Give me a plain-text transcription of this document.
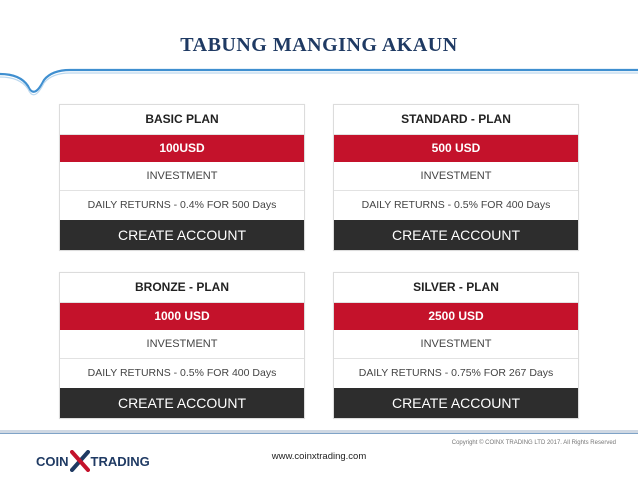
TABUNG MANGING AKAUN
BASIC PLAN
100USD
INVESTMENT
DAILY RETURNS - 0.4% FOR 500 Days
CREATE ACCOUNT
STANDARD - PLAN
500 USD
INVESTMENT
DAILY RETURNS - 0.5% FOR 400 Days
CREATE ACCOUNT
BRONZE - PLAN
1000 USD
INVESTMENT
DAILY RETURNS - 0.5% FOR 400 Days
CREATE ACCOUNT
SILVER - PLAN
2500 USD
INVESTMENT
DAILY RETURNS - 0.75% FOR 267 Days
CREATE ACCOUNT
Copyright © COINX TRADING LTD 2017. All Rights Reserved
COIN TRADING	www.coinxtrading.com
